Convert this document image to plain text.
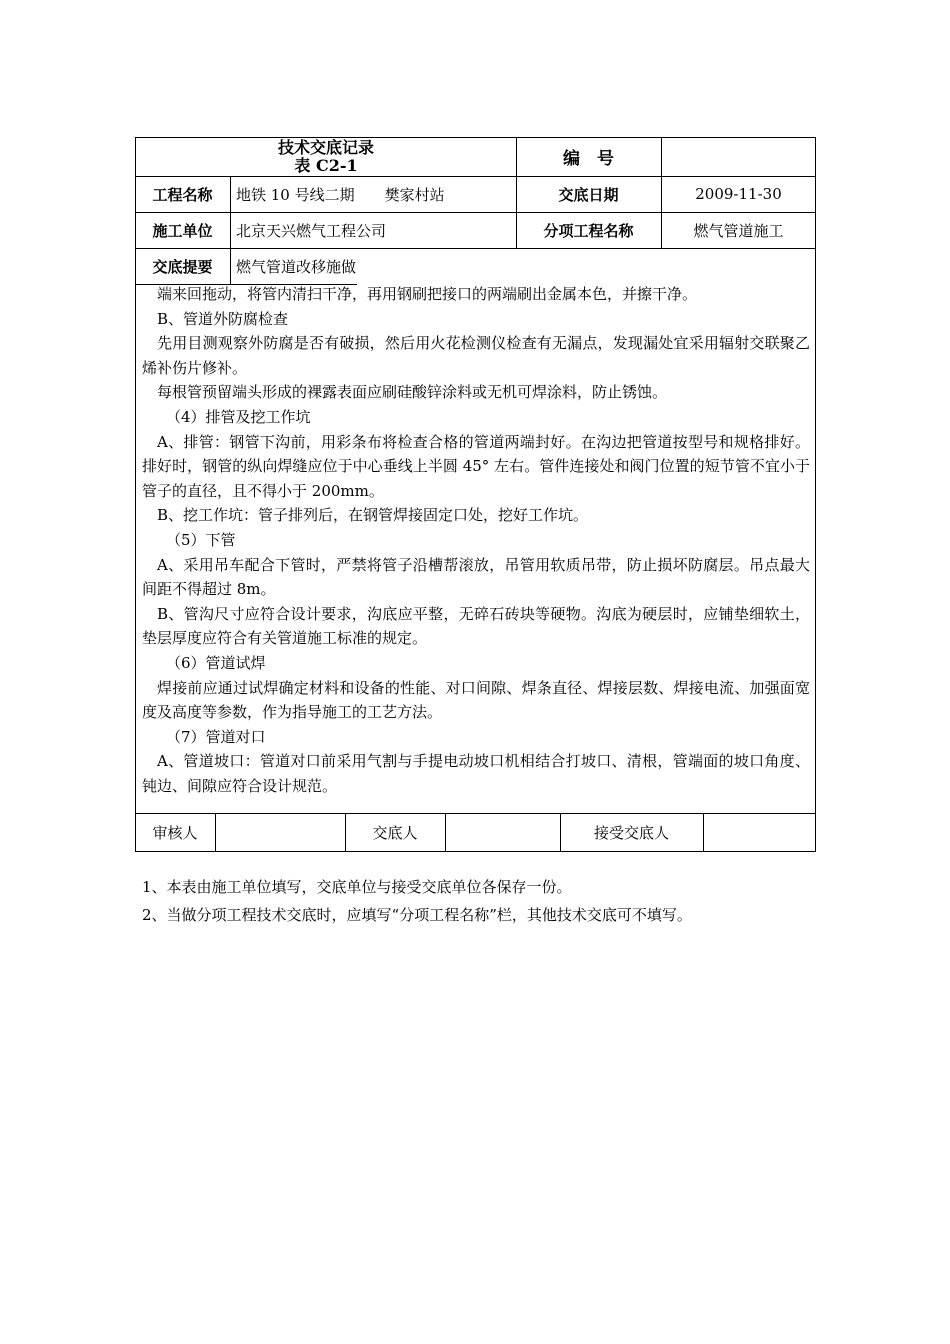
技术交底记录
表 C2-1	编　号
工程名称	地铁 10 号线二期　　樊家村站	交底日期	2009-11-30
施工单位	北京天兴燃气工程公司	分项工程名称	燃气管道施工
交底提要	燃气管道改移施做

端来回拖动，将管内清扫干净，再用钢刷把接口的两端刷出金属本色，并擦干净。

B、管道外防腐检查

先用目测观察外防腐是否有破损，然后用火花检测仪检查有无漏点，发现漏处宜采用辐射交联聚乙烯补伤片修补。

每根管预留端头形成的裸露表面应刷硅酸锌涂料或无机可焊涂料，防止锈蚀。

（4）排管及挖工作坑

A、排管：钢管下沟前，用彩条布将检查合格的管道两端封好。在沟边把管道按型号和规格排好。排好时，钢管的纵向焊缝应位于中心垂线上半圆 45° 左右。管件连接处和阀门位置的短节管不宜小于管子的直径，且不得小于 200mm。

B、挖工作坑：管子排列后，在钢管焊接固定口处，挖好工作坑。

（5）下管

A、采用吊车配合下管时，严禁将管子沿槽帮滚放，吊管用软质吊带，防止损坏防腐层。吊点最大间距不得超过 8m。

B、管沟尺寸应符合设计要求，沟底应平整，无碎石砖块等硬物。沟底为硬层时，应铺垫细软土，垫层厚度应符合有关管道施工标准的规定。

（6）管道试焊

焊接前应通过试焊确定材料和设备的性能、对口间隙、焊条直径、焊接层数、焊接电流、加强面宽度及高度等参数，作为指导施工的工艺方法。

（7）管道对口

A、管道坡口：管道对口前采用气割与手提电动坡口机相结合打坡口、清根，管端面的坡口角度、钝边、间隙应符合设计规范。

审核人	交底人	接受交底人

1、本表由施工单位填写，交底单位与接受交底单位各保存一份。

2、当做分项工程技术交底时，应填写“分项工程名称”栏，其他技术交底可不填写。
